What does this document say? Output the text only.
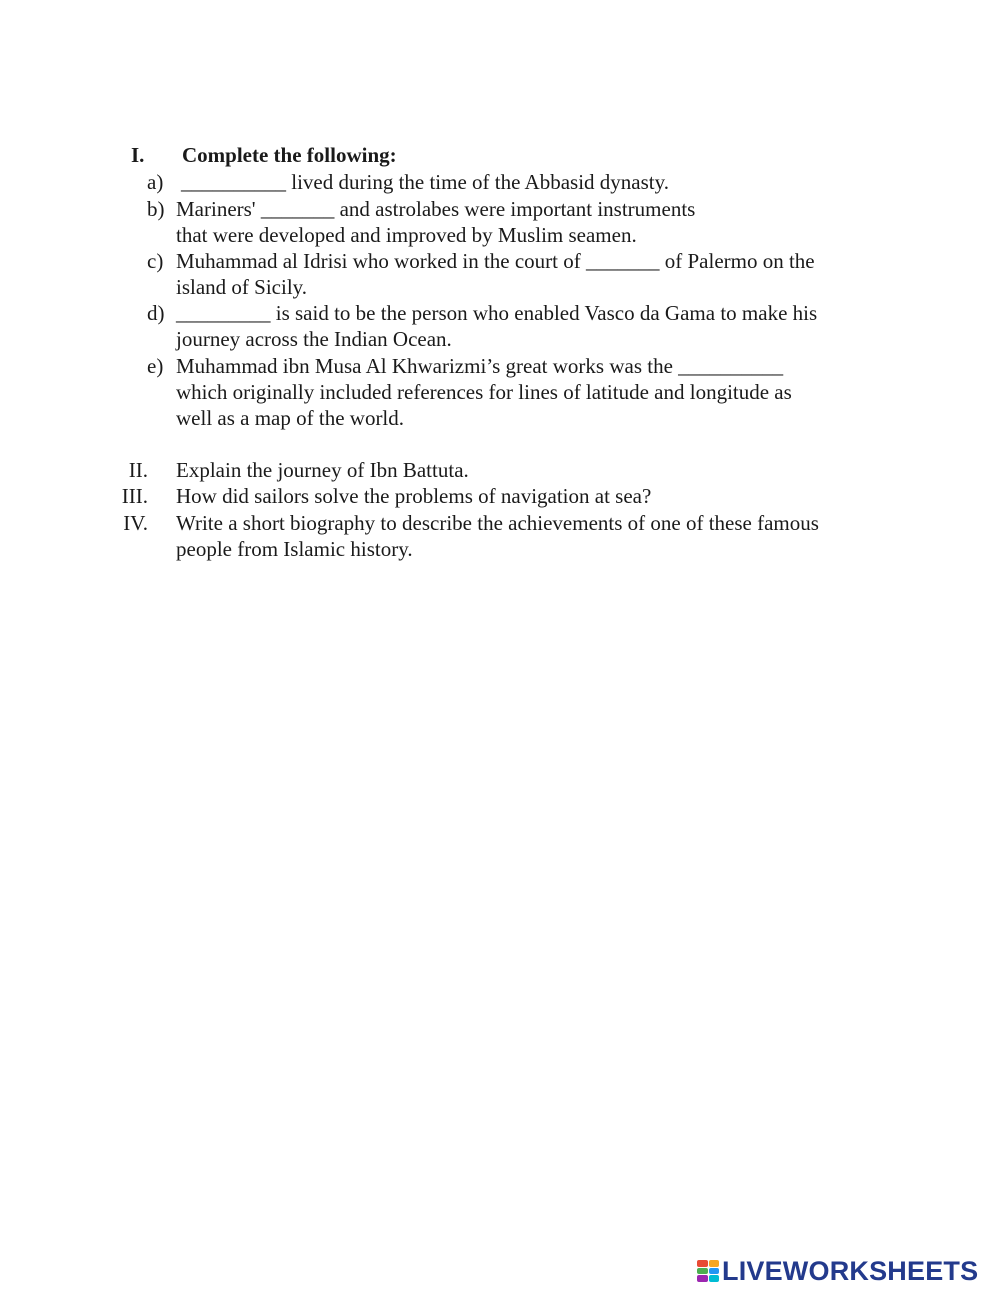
I. Complete the following:
a) __________ lived during the time of the Abbasid dynasty.
b) Mariners' _______ and astrolabes were important instruments
that were developed and improved by Muslim seamen.
c) Muhammad al Idrisi who worked in the court of _______ of Palermo on the
island of Sicily.
d) _________ is said to be the person who enabled Vasco da Gama to make his
journey across the Indian Ocean.
e) Muhammad ibn Musa Al Khwarizmi’s great works was the __________
which originally included references for lines of latitude and longitude as
well as a map of the world.
II. Explain the journey of Ibn Battuta.
III. How did sailors solve the problems of navigation at sea?
IV. Write a short biography to describe the achievements of one of these famous
people from Islamic history.
LIVEWORKSHEETS
